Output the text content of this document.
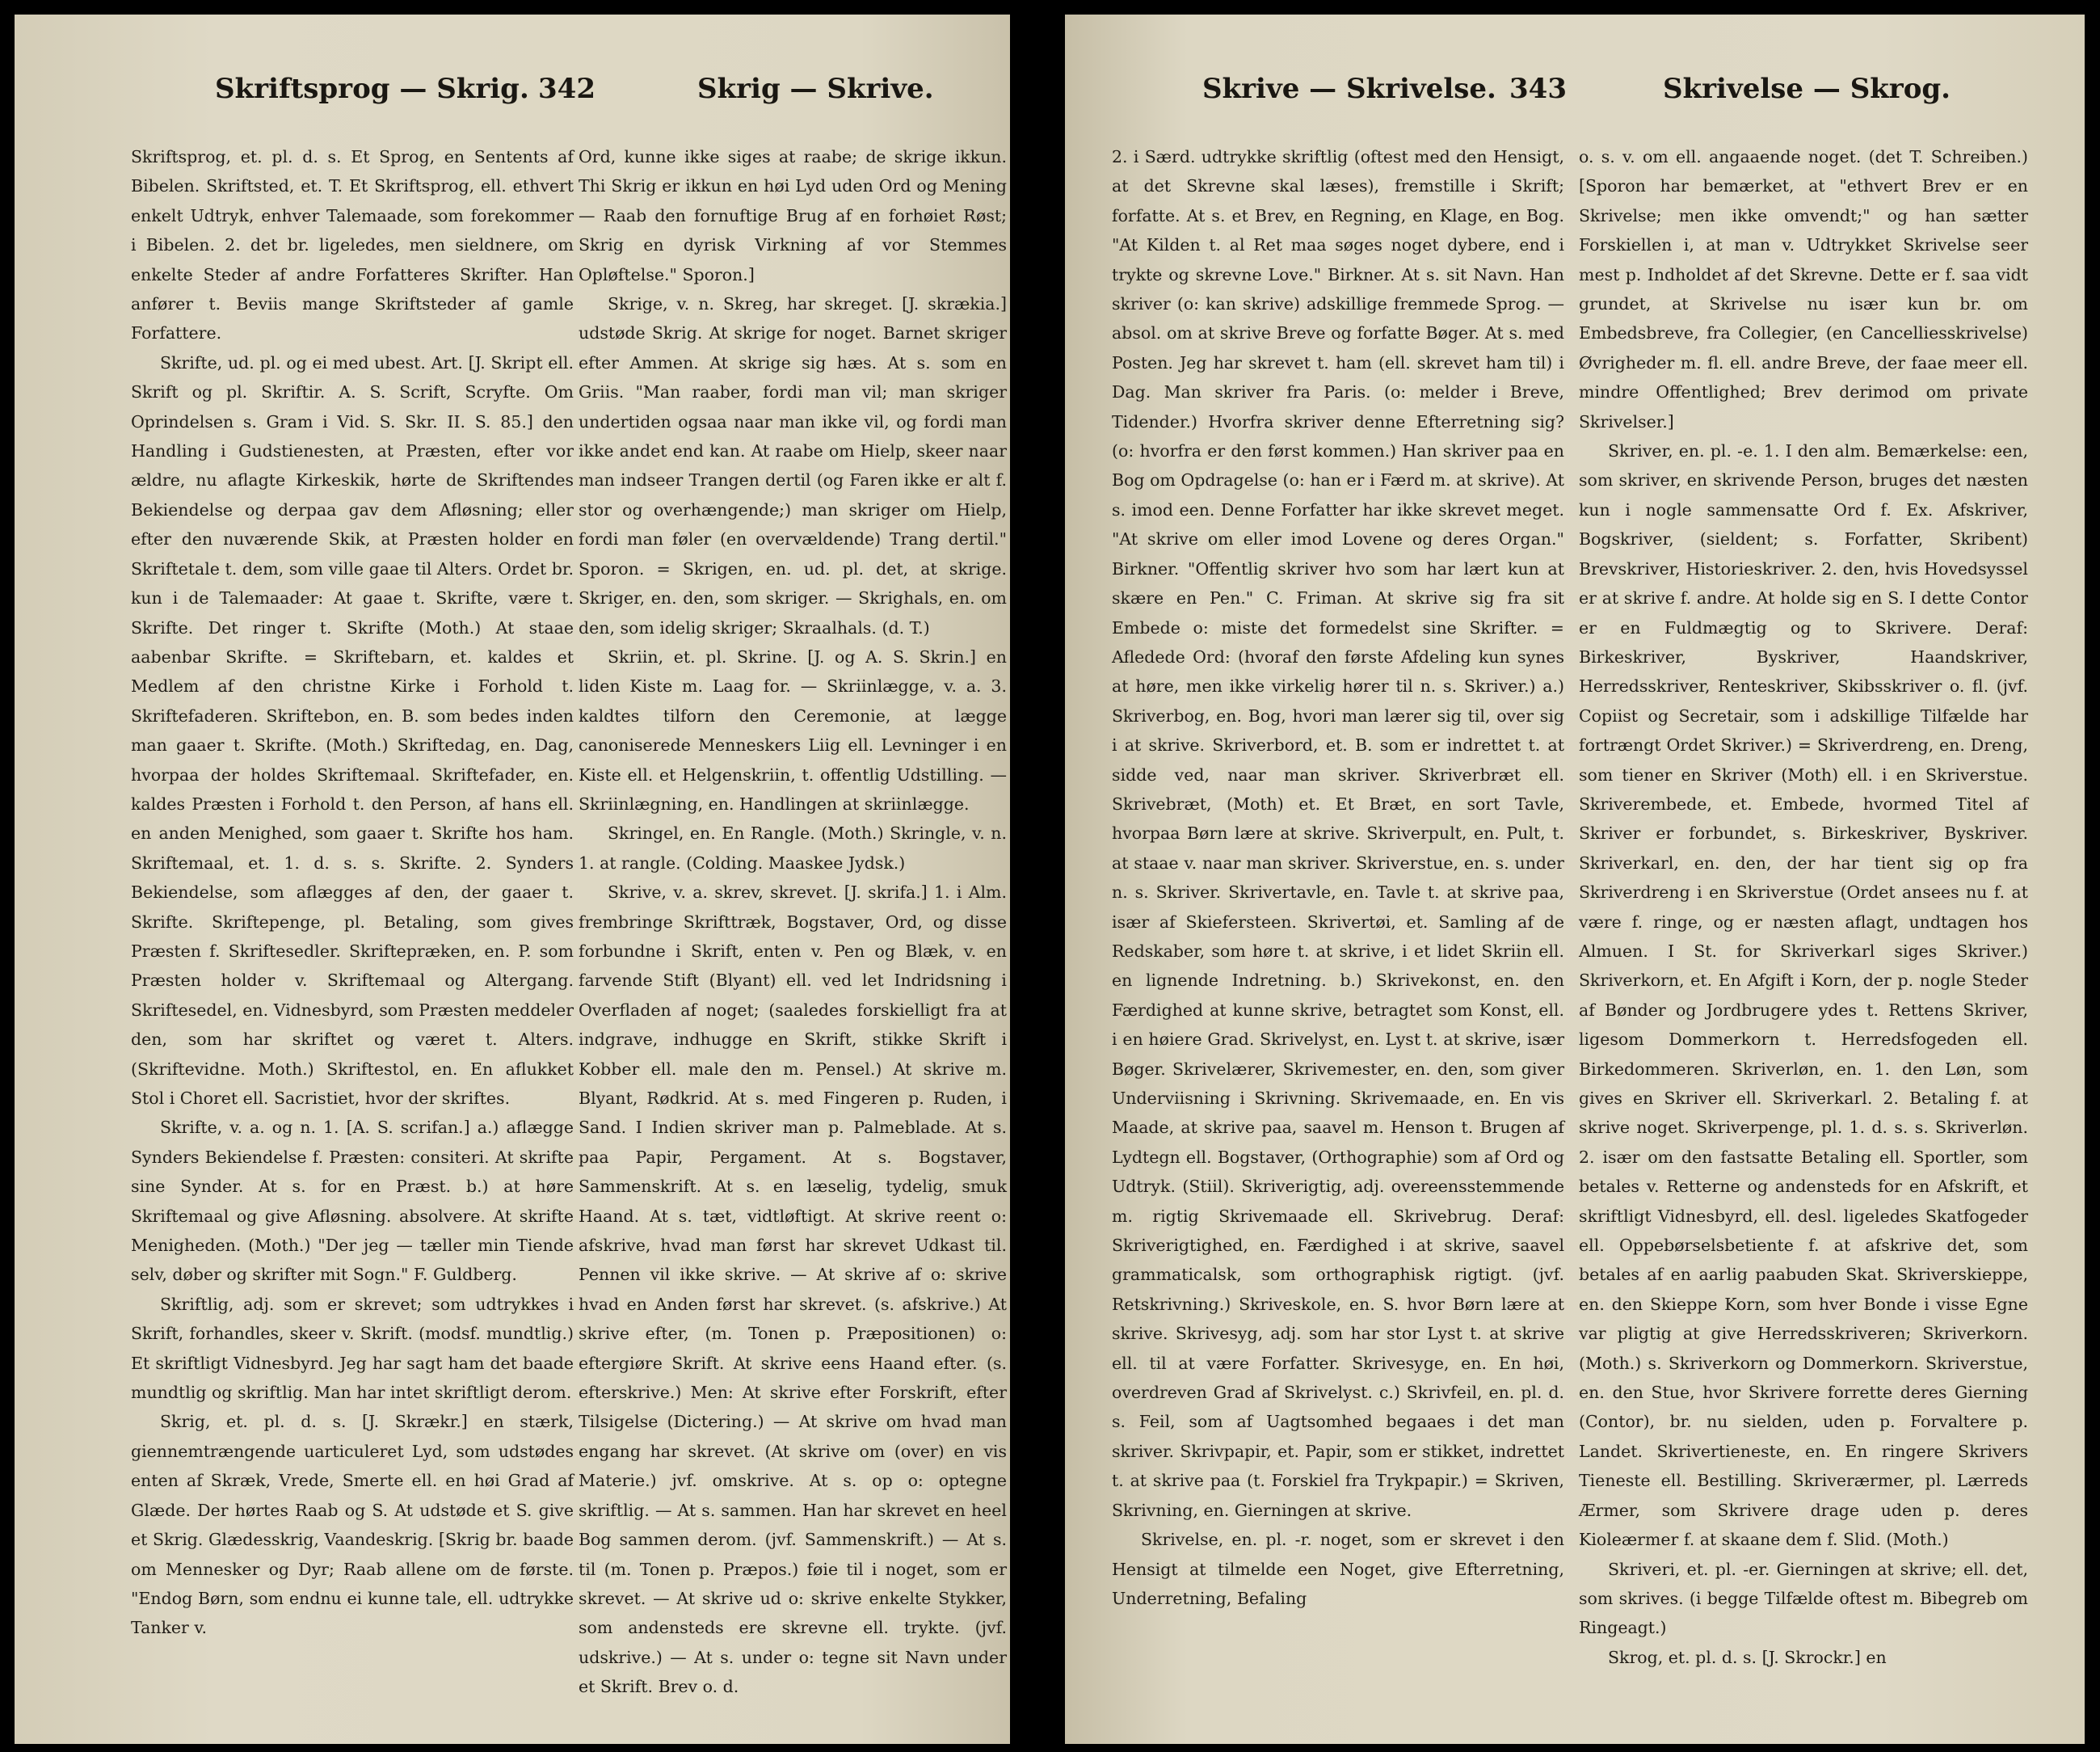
Skriftsprog — Skrig. 342	Skrig — Skrive.

Skriftsprog, et. pl. d. s. Et Sprog, en Sentents af Bibelen. Skriftsted, et. T. Et Skriftsprog, ell. ethvert enkelt Udtryk, enhver Talemaade, som forekommer i Bibelen. 2. det br. ligeledes, men sieldnere, om enkelte Steder af andre Forfatteres Skrifter. Han anfører t. Beviis mange Skriftsteder af gamle Forfattere.

Skrifte, ud. pl. og ei med ubest. Art. [J. Skript ell. Skrift og pl. Skriftir. A. S. Scrift, Scryfte. Om Oprindelsen s. Gram i Vid. S. Skr. II. S. 85.] den Handling i Gudstienesten, at Præsten, efter vor ældre, nu aflagte Kirkeskik, hørte de Skriftendes Bekiendelse og derpaa gav dem Afløsning; eller efter den nuværende Skik, at Præsten holder en Skriftetale t. dem, som ville gaae til Alters. Ordet br. kun i de Talemaader: At gaae t. Skrifte, være t. Skrifte. Det ringer t. Skrifte (Moth.) At staae aabenbar Skrifte. = Skriftebarn, et. kaldes et Medlem af den christne Kirke i Forhold t. Skriftefaderen. Skriftebon, en. B. som bedes inden man gaaer t. Skrifte. (Moth.) Skriftedag, en. Dag, hvorpaa der holdes Skriftemaal. Skriftefader, en. kaldes Præsten i Forhold t. den Person, af hans ell. en anden Menighed, som gaaer t. Skrifte hos ham. Skriftemaal, et. 1. d. s. s. Skrifte. 2. Synders Bekiendelse, som aflægges af den, der gaaer t. Skrifte. Skriftepenge, pl. Betaling, som gives Præsten f. Skriftesedler. Skriftepræken, en. P. som Præsten holder v. Skriftemaal og Altergang. Skriftesedel, en. Vidnesbyrd, som Præsten meddeler den, som har skriftet og været t. Alters. (Skriftevidne. Moth.) Skriftestol, en. En aflukket Stol i Choret ell. Sacristiet, hvor der skriftes.

Skrifte, v. a. og n. 1. [A. S. scrifan.] a.) aflægge Synders Bekiendelse f. Præsten: consiteri. At skrifte sine Synder. At s. for en Præst. b.) at høre Skriftemaal og give Afløsning. absolvere. At skrifte Menigheden. (Moth.) "Der jeg — tæller min Tiende selv, døber og skrifter mit Sogn." F. Guldberg.

Skriftlig, adj. som er skrevet; som udtrykkes i Skrift, forhandles, skeer v. Skrift. (modsf. mundtlig.) Et skriftligt Vidnesbyrd. Jeg har sagt ham det baade mundtlig og skriftlig. Man har intet skriftligt derom.

Skrig, et. pl. d. s. [J. Skrækr.] en stærk, giennemtrængende uarticuleret Lyd, som udstødes enten af Skræk, Vrede, Smerte ell. en høi Grad af Glæde. Der hørtes Raab og S. At udstøde et S. give et Skrig. Glædesskrig, Vaandeskrig. [Skrig br. baade om Mennesker og Dyr; Raab allene om de første. "Endog Børn, som endnu ei kunne tale, ell. udtrykke Tanker v.

Ord, kunne ikke siges at raabe; de skrige ikkun. Thi Skrig er ikkun en høi Lyd uden Ord og Mening — Raab den fornuftige Brug af en forhøiet Røst; Skrig en dyrisk Virkning af vor Stemmes Opløftelse." Sporon.]

Skrige, v. n. Skreg, har skreget. [J. skrækia.] udstøde Skrig. At skrige for noget. Barnet skriger efter Ammen. At skrige sig hæs. At s. som en Griis. "Man raaber, fordi man vil; man skriger undertiden ogsaa naar man ikke vil, og fordi man ikke andet end kan. At raabe om Hielp, skeer naar man indseer Trangen dertil (og Faren ikke er alt f. stor og overhængende;) man skriger om Hielp, fordi man føler (en overvældende) Trang dertil." Sporon. = Skrigen, en. ud. pl. det, at skrige. Skriger, en. den, som skriger. — Skrighals, en. om den, som idelig skriger; Skraalhals. (d. T.)

Skriin, et. pl. Skrine. [J. og A. S. Skrin.] en liden Kiste m. Laag for. — Skriinlægge, v. a. 3. kaldtes tilforn den Ceremonie, at lægge canoniserede Menneskers Liig ell. Levninger i en Kiste ell. et Helgenskriin, t. offentlig Udstilling. — Skriinlægning, en. Handlingen at skriinlægge.

Skringel, en. En Rangle. (Moth.) Skringle, v. n. 1. at rangle. (Colding. Maaskee Jydsk.)

Skrive, v. a. skrev, skrevet. [J. skrifa.] 1. i Alm. frembringe Skrifttræk, Bogstaver, Ord, og disse forbundne i Skrift, enten v. Pen og Blæk, v. en farvende Stift (Blyant) ell. ved let Indridsning i Overfladen af noget; (saaledes forskielligt fra at indgrave, indhugge en Skrift, stikke Skrift i Kobber ell. male den m. Pensel.) At skrive m. Blyant, Rødkrid. At s. med Fingeren p. Ruden, i Sand. I Indien skriver man p. Palmeblade. At s. paa Papir, Pergament. At s. Bogstaver, Sammenskrift. At s. en læselig, tydelig, smuk Haand. At s. tæt, vidtløftigt. At skrive reent o: afskrive, hvad man først har skrevet Udkast til. Pennen vil ikke skrive. — At skrive af o: skrive hvad en Anden først har skrevet. (s. afskrive.) At skrive efter, (m. Tonen p. Præpositionen) o: eftergiøre Skrift. At skrive eens Haand efter. (s. efterskrive.) Men: At skrive efter Forskrift, efter Tilsigelse (Dictering.) — At skrive om hvad man engang har skrevet. (At skrive om (over) en vis Materie.) jvf. omskrive. At s. op o: optegne skriftlig. — At s. sammen. Han har skrevet en heel Bog sammen derom. (jvf. Sammenskrift.) — At s. til (m. Tonen p. Præpos.) føie til i noget, som er skrevet. — At skrive ud o: skrive enkelte Stykker, som andensteds ere skrevne ell. trykte. (jvf. udskrive.) — At s. under o: tegne sit Navn under et Skrift. Brev o. d.

Skrive — Skrivelse. 343	Skrivelse — Skrog.

2. i Særd. udtrykke skriftlig (oftest med den Hensigt, at det Skrevne skal læses), fremstille i Skrift; forfatte. At s. et Brev, en Regning, en Klage, en Bog. "At Kilden t. al Ret maa søges noget dybere, end i trykte og skrevne Love." Birkner. At s. sit Navn. Han skriver (o: kan skrive) adskillige fremmede Sprog. — absol. om at skrive Breve og forfatte Bøger. At s. med Posten. Jeg har skrevet t. ham (ell. skrevet ham til) i Dag. Man skriver fra Paris. (o: melder i Breve, Tidender.) Hvorfra skriver denne Efterretning sig? (o: hvorfra er den først kommen.) Han skriver paa en Bog om Opdragelse (o: han er i Færd m. at skrive). At s. imod een. Denne Forfatter har ikke skrevet meget. "At skrive om eller imod Lovene og deres Organ." Birkner. "Offentlig skriver hvo som har lært kun at skære en Pen." C. Friman. At skrive sig fra sit Embede o: miste det formedelst sine Skrifter. = Afledede Ord: (hvoraf den første Afdeling kun synes at høre, men ikke virkelig hører til n. s. Skriver.) a.) Skriverbog, en. Bog, hvori man lærer sig til, over sig i at skrive. Skriverbord, et. B. som er indrettet t. at sidde ved, naar man skriver. Skriverbræt ell. Skrivebræt, (Moth) et. Et Bræt, en sort Tavle, hvorpaa Børn lære at skrive. Skriverpult, en. Pult, t. at staae v. naar man skriver. Skriverstue, en. s. under n. s. Skriver. Skrivertavle, en. Tavle t. at skrive paa, især af Skiefersteen. Skrivertøi, et. Samling af de Redskaber, som høre t. at skrive, i et lidet Skriin ell. en lignende Indretning. b.) Skrivekonst, en. den Færdighed at kunne skrive, betragtet som Konst, ell. i en høiere Grad. Skrivelyst, en. Lyst t. at skrive, især Bøger. Skrivelærer, Skrivemester, en. den, som giver Underviisning i Skrivning. Skrivemaade, en. En vis Maade, at skrive paa, saavel m. Henson t. Brugen af Lydtegn ell. Bogstaver, (Orthographie) som af Ord og Udtryk. (Stiil). Skriverigtig, adj. overeensstemmende m. rigtig Skrivemaade ell. Skrivebrug. Deraf: Skriverigtighed, en. Færdighed i at skrive, saavel grammaticalsk, som orthographisk rigtigt. (jvf. Retskrivning.) Skriveskole, en. S. hvor Børn lære at skrive. Skrivesyg, adj. som har stor Lyst t. at skrive ell. til at være Forfatter. Skrivesyge, en. En høi, overdreven Grad af Skrivelyst. c.) Skrivfeil, en. pl. d. s. Feil, som af Uagtsomhed begaaes i det man skriver. Skrivpapir, et. Papir, som er stikket, indrettet t. at skrive paa (t. Forskiel fra Trykpapir.) = Skriven, Skrivning, en. Gierningen at skrive.

Skrivelse, en. pl. -r. noget, som er skrevet i den Hensigt at tilmelde een Noget, give Efterretning, Underretning, Befaling

o. s. v. om ell. angaaende noget. (det T. Schreiben.) [Sporon har bemærket, at "ethvert Brev er en Skrivelse; men ikke omvendt;" og han sætter Forskiellen i, at man v. Udtrykket Skrivelse seer mest p. Indholdet af det Skrevne. Dette er f. saa vidt grundet, at Skrivelse nu især kun br. om Embedsbreve, fra Collegier, (en Cancelliesskrivelse) Øvrigheder m. fl. ell. andre Breve, der faae meer ell. mindre Offentlighed; Brev derimod om private Skrivelser.]

Skriver, en. pl. -e. 1. I den alm. Bemærkelse: een, som skriver, en skrivende Person, bruges det næsten kun i nogle sammensatte Ord f. Ex. Afskriver, Bogskriver, (sieldent; s. Forfatter, Skribent) Brevskriver, Historieskriver. 2. den, hvis Hovedsyssel er at skrive f. andre. At holde sig en S. I dette Contor er en Fuldmægtig og to Skrivere. Deraf: Birkeskriver, Byskriver, Haandskriver, Herredsskriver, Renteskriver, Skibsskriver o. fl. (jvf. Copiist og Secretair, som i adskillige Tilfælde har fortrængt Ordet Skriver.) = Skriverdreng, en. Dreng, som tiener en Skriver (Moth) ell. i en Skriverstue. Skriverembede, et. Embede, hvormed Titel af Skriver er forbundet, s. Birkeskriver, Byskriver. Skriverkarl, en. den, der har tient sig op fra Skriverdreng i en Skriverstue (Ordet ansees nu f. at være f. ringe, og er næsten aflagt, undtagen hos Almuen. I St. for Skriverkarl siges Skriver.) Skriverkorn, et. En Afgift i Korn, der p. nogle Steder af Bønder og Jordbrugere ydes t. Rettens Skriver, ligesom Dommerkorn t. Herredsfogeden ell. Birkedommeren. Skriverløn, en. 1. den Løn, som gives en Skriver ell. Skriverkarl. 2. Betaling f. at skrive noget. Skriverpenge, pl. 1. d. s. s. Skriverløn. 2. især om den fastsatte Betaling ell. Sportler, som betales v. Retterne og andensteds for en Afskrift, et skriftligt Vidnesbyrd, ell. desl. ligeledes Skatfogeder ell. Oppebørselsbetiente f. at afskrive det, som betales af en aarlig paabuden Skat. Skriverskieppe, en. den Skieppe Korn, som hver Bonde i visse Egne var pligtig at give Herredsskriveren; Skriverkorn. (Moth.) s. Skriverkorn og Dommerkorn. Skriverstue, en. den Stue, hvor Skrivere forrette deres Gierning (Contor), br. nu sielden, uden p. Forvaltere p. Landet. Skrivertieneste, en. En ringere Skrivers Tieneste ell. Bestilling. Skriverærmer, pl. Lærreds Ærmer, som Skrivere drage uden p. deres Kioleærmer f. at skaane dem f. Slid. (Moth.)

Skriveri, et. pl. -er. Gierningen at skrive; ell. det, som skrives. (i begge Tilfælde oftest m. Bibegreb om Ringeagt.)

Skrog, et. pl. d. s. [J. Skrockr.] en
